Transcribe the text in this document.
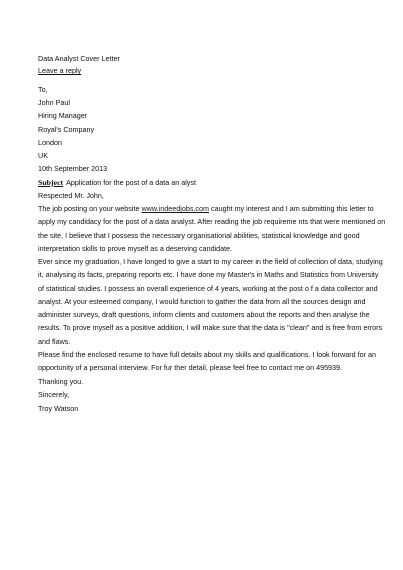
Data Analyst Cover Letter
Leave a reply
To,
John Paul
Hiring Manager
Royal's Company
London
UK
10th September 2013
Subject Application for the post of a data an alyst
Respected Mr. John,
The job posting on your website www.indeedjobs.com caught my interest and I am submitting this letter to
apply my candidacy for the post of a data analyst. After reading the job requireme nts that were mentioned on
the site, I believe that I possess the necessary organisational abilities, statistical knowledge and good
interpretation skills to prove myself as a deserving candidate.
Ever since my graduation, I have longed to give a start to my career in the field of collection of data, studying
it, analysing its facts, preparing reports etc. I have done my Master's in Maths and Statistics from University
of statistical studies. I possess an overall experience of 4 years, working at the post o f a data collector and
analyst. At your esteemed company, I would function to gather the data from all the sources design and
administer surveys, draft questions, inform clients and customers about the reports and then analyse the
results. To prove myself as a positive addition, I will make sure that the data is "clean" and is free from errors
and flaws.
Please find the enclosed resume to have full details about my skills and qualifications. I look forward for an
opportunity of a personal interview. For fur ther detail, please feel free to contact me on 495939.
Thanking you.
Sincerely,
Troy Watson
